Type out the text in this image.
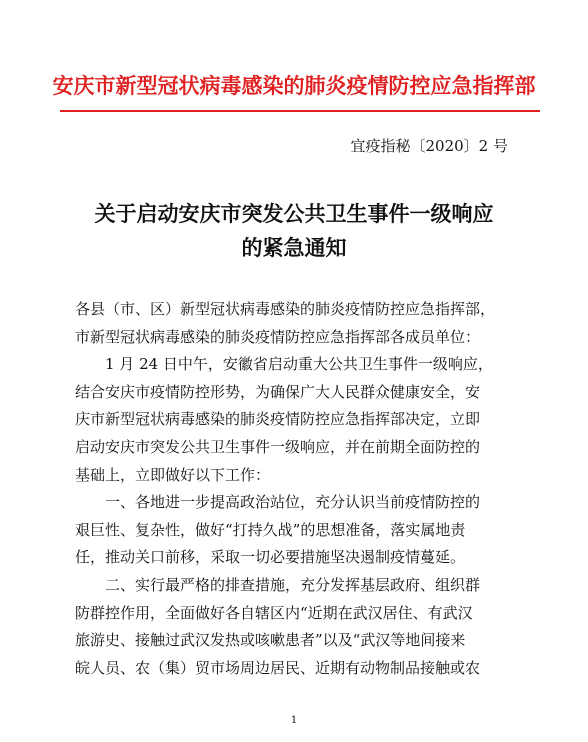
安庆市新型冠状病毒感染的肺炎疫情防控应急指挥部
宜疫指秘〔2020〕2 号
关于启动安庆市突发公共卫生事件一级响应
的紧急通知
各县（市、区）新型冠状病毒感染的肺炎疫情防控应急指挥部，
市新型冠状病毒感染的肺炎疫情防控应急指挥部各成员单位：
1 月 24 日中午，安徽省启动重大公共卫生事件一级响应，
结合安庆市疫情防控形势，为确保广大人民群众健康安全，安
庆市新型冠状病毒感染的肺炎疫情防控应急指挥部决定，立即
启动安庆市突发公共卫生事件一级响应，并在前期全面防控的
基础上，立即做好以下工作：
一、各地进一步提高政治站位，充分认识当前疫情防控的
艰巨性、复杂性，做好“打持久战”的思想准备，落实属地责
任，推动关口前移，采取一切必要措施坚决遏制疫情蔓延。
二、实行最严格的排查措施，充分发挥基层政府、组织群
防群控作用，全面做好各自辖区内“近期在武汉居住、有武汉
旅游史、接触过武汉发热或咳嗽患者”以及“武汉等地间接来
皖人员、农（集）贸市场周边居民、近期有动物制品接触或农
1
